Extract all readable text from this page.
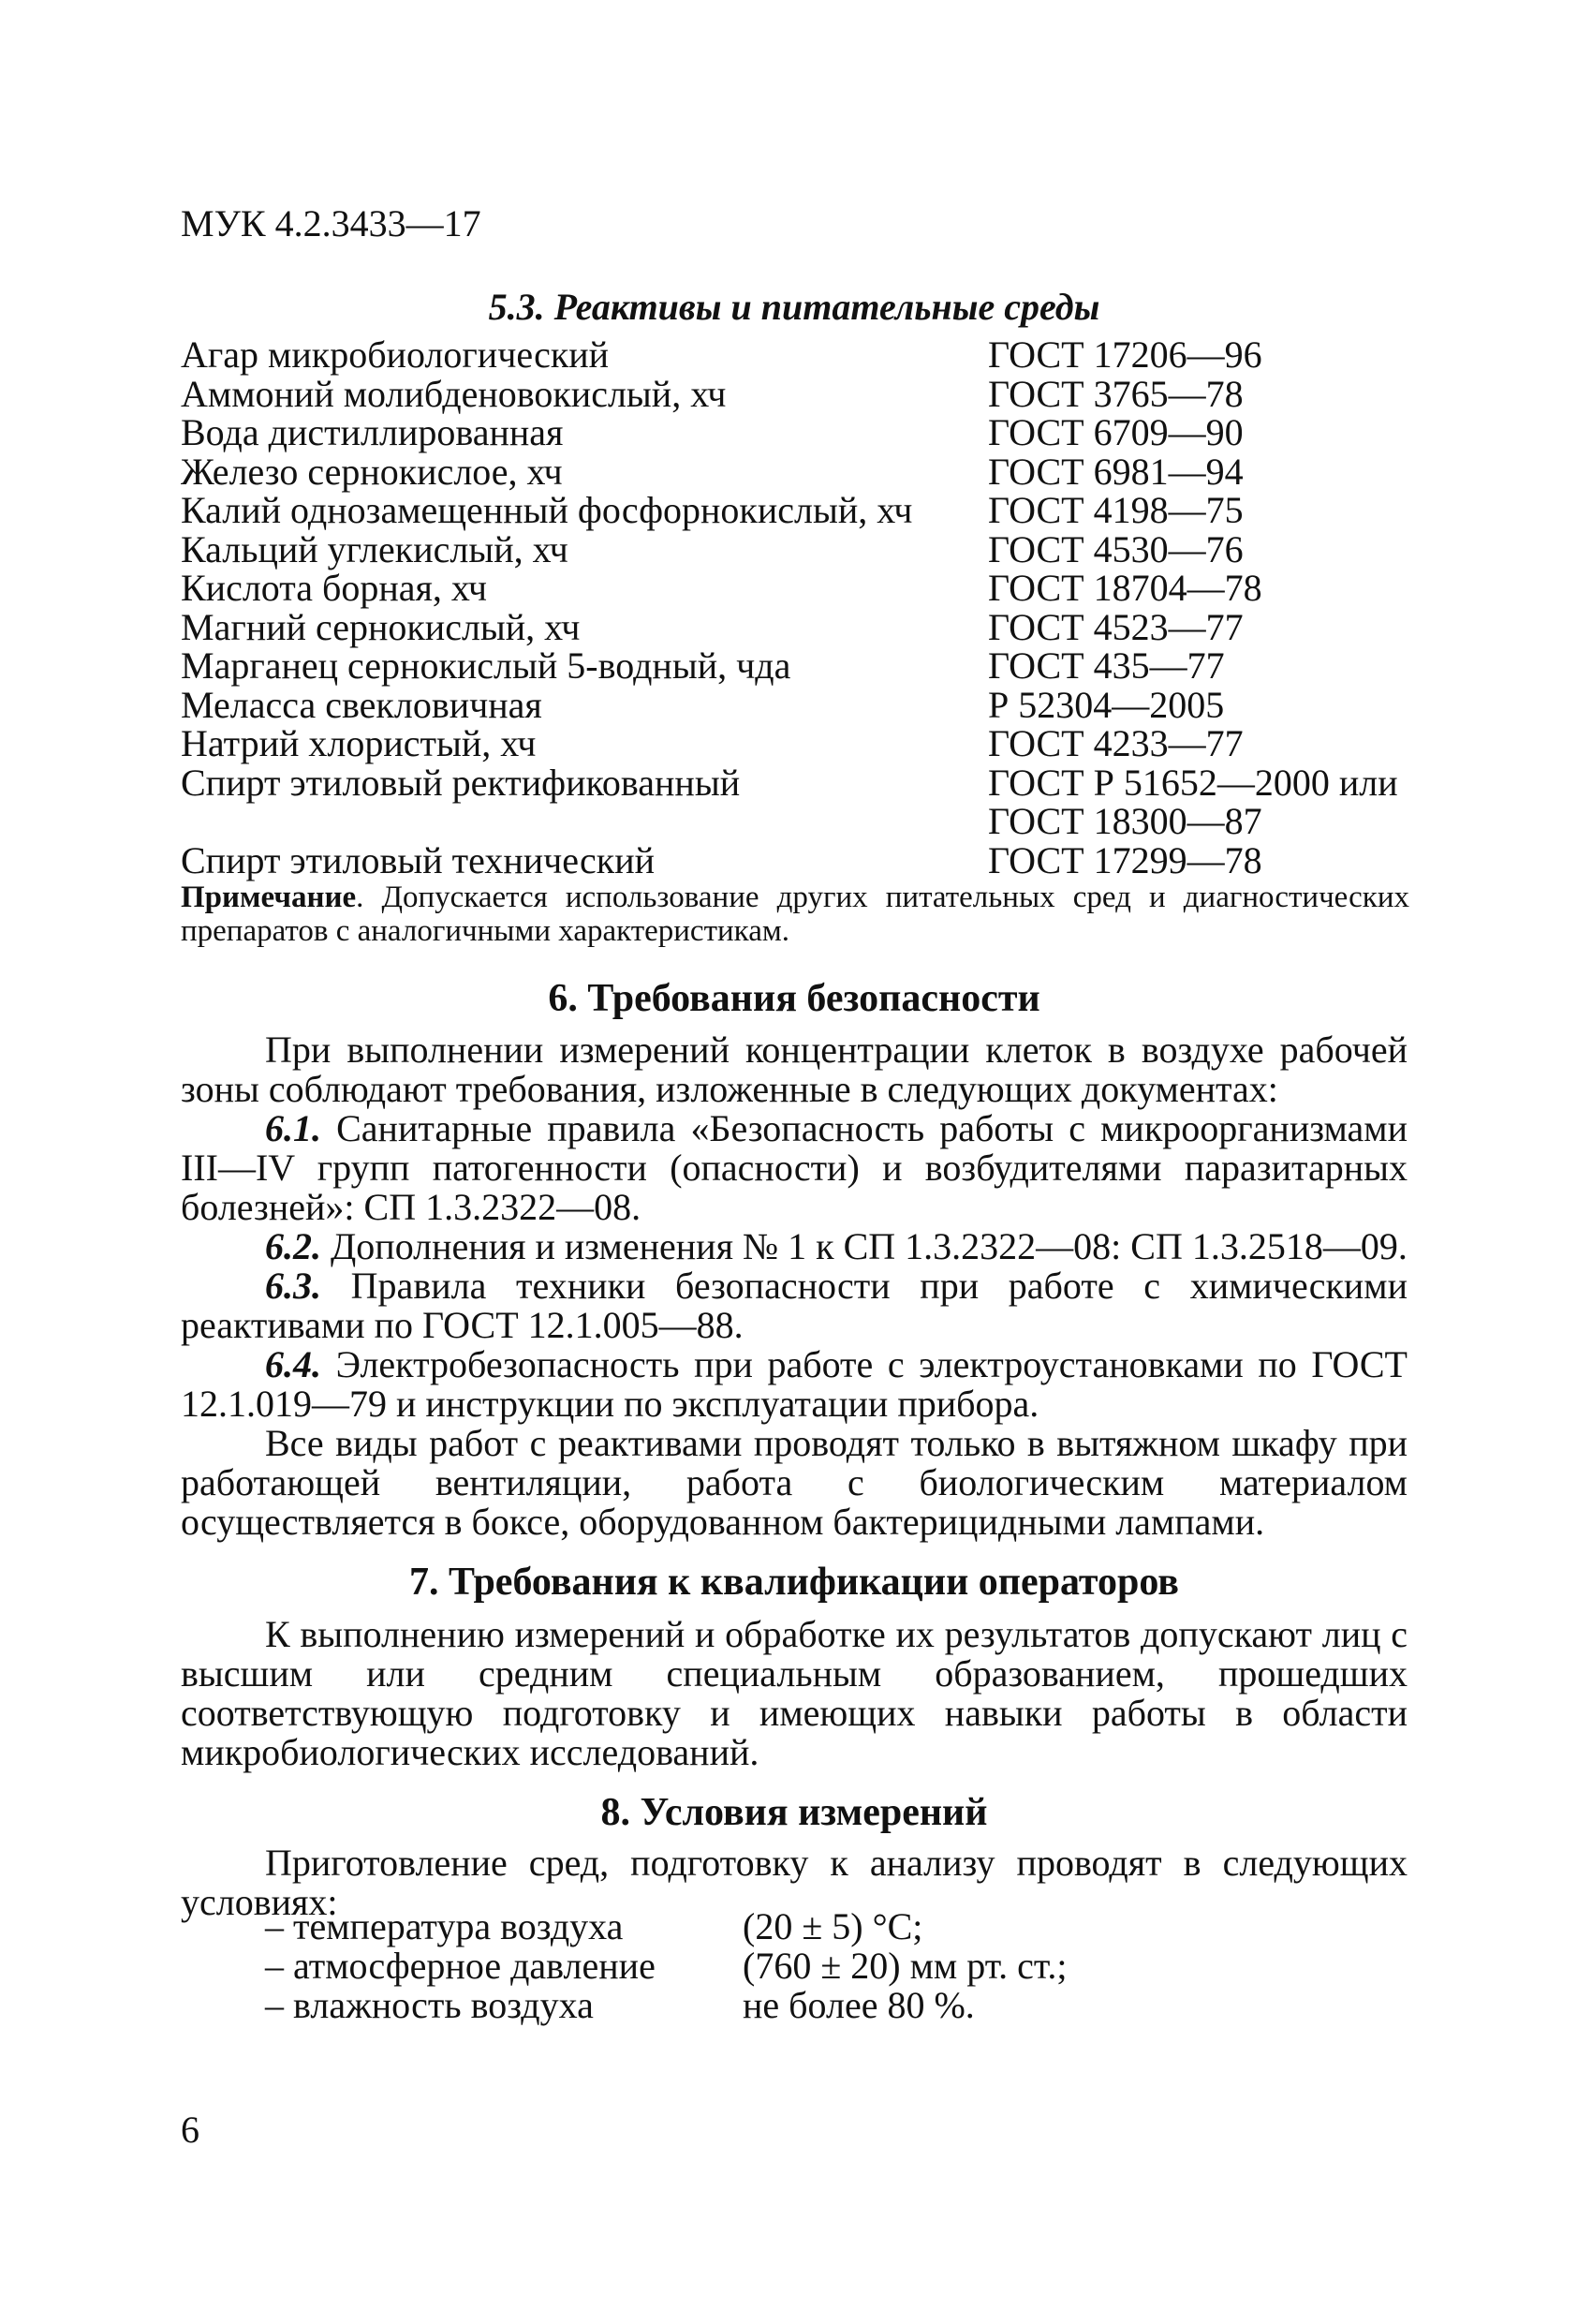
МУК 4.2.3433—17
5.3. Реактивы и питательные среды
Агар микробиологический	ГОСТ 17206—96
Аммоний молибденовокислый, хч	ГОСТ 3765—78
Вода дистиллированная	ГОСТ 6709—90
Железо сернокислое, хч	ГОСТ 6981—94
Калий однозамещенный фосфорнокислый, хч ГОСТ 4198—75
Кальций углекислый, хч	ГОСТ 4530—76
Кислота борная, хч	ГОСТ 18704—78
Магний сернокислый, хч	ГОСТ 4523—77
Марганец сернокислый 5-водный, чда	ГОСТ 435—77
Меласса свекловичная	Р 52304—2005
Натрий хлористый, хч	ГОСТ 4233—77
Спирт этиловый ректификованный	ГОСТ Р 51652—2000 или
ГОСТ 18300—87
Спирт этиловый технический	ГОСТ 17299—78
Примечание. Допускается использование других питательных сред и диагностических препаратов с аналогичными характеристикам.
6. Требования безопасности
При выполнении измерений концентрации клеток в воздухе рабочей зоны соблюдают требования, изложенные в следующих документах:
6.1. Санитарные правила «Безопасность работы с микроорганизмами III—IV групп патогенности (опасности) и возбудителями паразитарных болезней»: СП 1.3.2322—08.
6.2. Дополнения и изменения № 1 к СП 1.3.2322—08: СП 1.3.2518—09.
6.3. Правила техники безопасности при работе с химическими реактивами по ГОСТ 12.1.005—88.
6.4. Электробезопасность при работе с электроустановками по ГОСТ 12.1.019—79 и инструкции по эксплуатации прибора.
Все виды работ с реактивами проводят только в вытяжном шкафу при работающей вентиляции, работа с биологическим материалом осуществляется в боксе, оборудованном бактерицидными лампами.
7. Требования к квалификации операторов
К выполнению измерений и обработке их результатов допускают лиц с высшим или средним специальным образованием, прошедших соответствующую подготовку и имеющих навыки работы в области микробиологических исследований.
8. Условия измерений
Приготовление сред, подготовку к анализу проводят в следующих условиях:
– температура воздуха	(20 ± 5) °С;
– атмосферное давление (760 ± 20) мм рт. ст.;
– влажность воздуха	не более 80 %.
6
